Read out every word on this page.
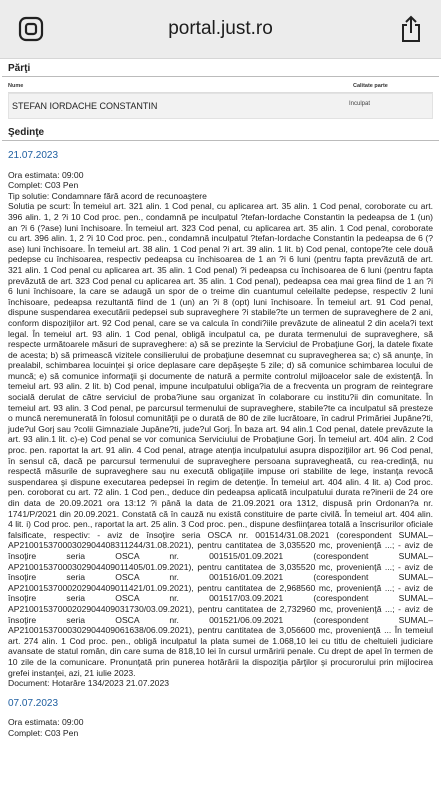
portal.just.ro
Părţi
Nume	Calitate parte
STEFAN IORDACHE CONSTANTIN	Inculpat
Şedinţe
21.07.2023

Ora estimata: 09:00

Complet: C03 Pen

Tip solutie: Condamnare fără acord de recunoaştere

Solutia pe scurt: În temeiul art. 321 alin. 1 Cod penal, cu aplicarea art. 35 alin. 1 Cod penal, coroborate cu art. 396 alin. 1, 2 ?i 10 Cod proc. pen., condamnă pe inculpatul ?tefan-Iordache Constantin la pedeapsa de 1 (un) an ?i 6 (?ase) luni închisoare. În temeiul art. 323 Cod penal, cu aplicarea art. 35 alin. 1 Cod penal, coroborate cu art. 396 alin. 1, 2 ?i 10 Cod proc. pen., condamnă inculpatul ?tefan-Iordache Constantin la pedeapsa de 6 (?ase) luni închisoare. În temeiul art. 38 alin. 1 Cod penal ?i art. 39 alin. 1 lit. b) Cod penal, contope?te cele două pedepse cu închisoarea, respectiv pedeapsa cu închisoarea de 1 an ?i 6 luni (pentru fapta prevăzută de art. 321 alin. 1 Cod penal cu aplicarea art. 35 alin. 1 Cod penal) ?i pedeapsa cu închisoarea de 6 luni (pentru fapta prevăzută de art. 323 Cod penal cu aplicarea art. 35 alin. 1 Cod penal), pedeapsa cea mai grea fiind de 1 an ?i 6 luni închisoare, la care se adaugă un spor de o treime din cuantumul celeilalte pedepse, respectiv 2 luni închisoare, pedeapsa rezultantă fiind de 1 (un) an ?i 8 (opt) luni închisoare. În temeiul art. 91 Cod penal, dispune suspendarea executării pedepsei sub supraveghere ?i stabile?te un termen de supraveghere de 2 ani, conform dispoziţiilor art. 92 Cod penal, care se va calcula în condi?iile prevăzute de alineatul 2 din acela?i text legal. În temeiul art. 93 alin. 1 Cod penal, obligă inculpatul ca, pe durata termenului de supraveghere, să respecte următoarele măsuri de supraveghere: a) să se prezinte la Serviciul de Probaţiune Gorj, la datele fixate de acesta; b) să primească vizitele consilierului de probaţiune desemnat cu supravegherea sa; c) să anunţe, în prealabil, schimbarea locuinţei şi orice deplasare care depăşeşte 5 zile; d) să comunice schimbarea locului de muncă; e) să comunice informaţii şi documente de natură a permite controlul mijloacelor sale de existenţă. În temeiul art. 93 alin. 2 lit. b) Cod penal, impune inculpatului obliga?ia de a frecventa un program de reintegrare socială derulat de către serviciul de proba?iune sau organizat în colaborare cu institu?ii din comunitate. În temeiul art. 93 alin. 3 Cod penal, pe parcursul termenului de supraveghere, stabile?te ca inculpatul să presteze o muncă neremunerată în folosul comunităţii pe o durată de 80 de zile lucrătoare, în cadrul Primăriei Jupâne?ti, jude?ul Gorj sau ?colii Gimnaziale Jupâne?ti, jude?ul Gorj. În baza art. 94 alin.1 Cod penal, datele prevăzute la art. 93 alin.1 lit. c)-e) Cod penal se vor comunica Serviciului de Probaţiune Gorj. În temeiul art. 404 alin. 2 Cod proc. pen. raportat la art. 91 alin. 4 Cod penal, atrage atenţia inculpatului asupra dispoziţiilor art. 96 Cod penal, în sensul că, dacă pe parcursul termenului de supraveghere persoana supravegheată, cu rea-credinţă, nu respectă măsurile de supraveghere sau nu execută obligaţiile impuse ori stabilite de lege, instanţa revocă suspendarea şi dispune executarea pedepsei în regim de detenţie. În temeiul art. 404 alin. 4 lit. a) Cod proc. pen. coroborat cu art. 72 alin. 1 Cod pen., deduce din pedeapsa aplicată inculpatului durata re?inerii de 24 ore din data de 20.09.2021 ora 13:12 ?i până la data de 21.09.2021 ora 1312, dispusă prin Ordonan?a nr. 1741/P/2021 din 20.09.2021. Constată că în cauză nu există constituire de parte civilă. În temeiul art. 404 alin. 4 lit. i) Cod proc. pen., raportat la art. 25 alin. 3 Cod proc. pen., dispune desfiinţarea totală a înscrisurilor oficiale falsificate, respectiv: - aviz de însoţire seria OSCA nr. 001514/31.08.2021 (corespondent SUMAL– AP21001537000302904408311244/31.08.2021), pentru cantitatea de 3,035520 mc, provenienţă ...; - aviz de însoţire seria OSCA nr. 001515/01.09.2021 (corespondent SUMAL– AP21001537000302904409011405/01.09.2021), pentru cantitatea de 3,035520 mc, provenienţă ...; - aviz de însoţire seria OSCA nr. 001516/01.09.2021 (corespondent SUMAL– AP21001537000202904409011421/01.09.2021), pentru cantitatea de 2,968560 mc, provenienţă ...; - aviz de însoţire seria OSCA nr. 001517/03.09.2021 (corespondent SUMAL– AP21001537000202904409031730/03.09.2021), pentru cantitatea de 2,732960 mc, provenienţă ...; - aviz de însoţire seria OSCA nr. 001521/06.09.2021 (corespondent SUMAL– AP21001537000302904409061638/06.09.2021), pentru cantitatea de 3,056600 mc, provenienţă ... În temeiul art. 274 alin. 1 Cod proc. pen., obligă inculpatul la plata sumei de 1.068,10 lei cu titlu de cheltuieli judiciare avansate de statul român, din care suma de 818,10 lei în cursul urmăririi penale. Cu drept de apel în termen de 10 zile de la comunicare. Pronunţată prin punerea hotărârii la dispoziţia părţilor şi procurorului prin mijlocirea grefei instanţei, azi, 21 iulie 2023.

Document: Hotarâre 134/2023 21.07.2023

07.07.2023

Ora estimata: 09:00

Complet: C03 Pen
